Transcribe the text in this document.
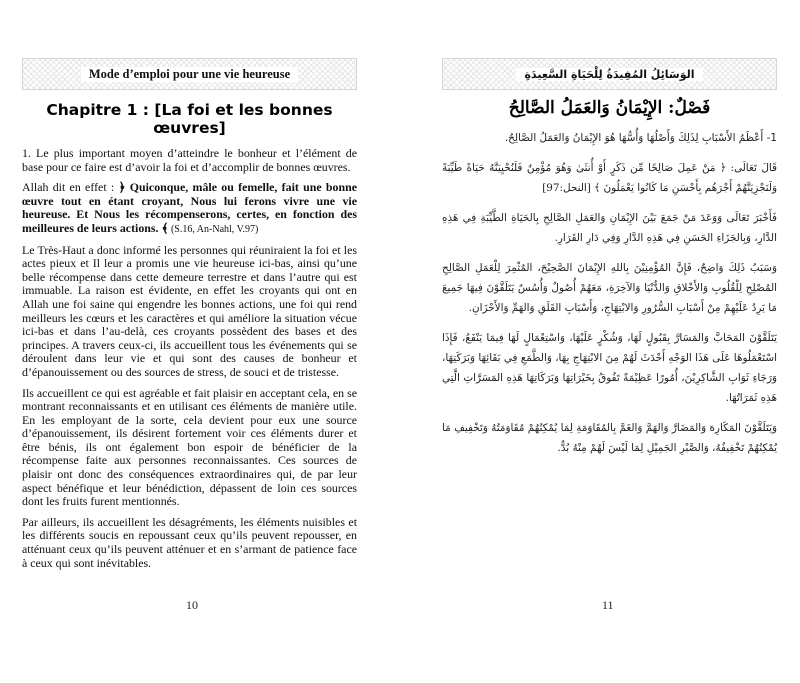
Mode d’emploi pour une vie heureuse
Chapitre 1 : [La foi et les bonnes œuvres]

1. Le plus important moyen d’atteindre le bonheur et l’élément de base pour ce faire est d’avoir la foi et d’accomplir de bonnes œuvres.

Allah dit en effet : ﴿ Quiconque, mâle ou femelle, fait une bonne œuvre tout en étant croyant, Nous lui ferons vivre une vie heureuse. Et Nous les récompenserons, certes, en fonction des meilleures de leurs actions. ﴾ (S.16, An-Nahl, V.97)

Le Très-Haut a donc informé les personnes qui réuniraient la foi et les actes pieux et Il leur a promis une vie heureuse ici-bas, ainsi qu’une belle récompense dans cette demeure terrestre et dans l’autre qui est immuable. La raison est évidente, en effet les croyants qui ont en Allah une foi saine qui engendre les bonnes actions, une foi qui rend meilleurs les cœurs et les caractères et qui améliore la situation vécue ici-bas et dans l’au-delà, ces croyants possèdent des bases et des principes. A travers ceux-ci, ils accueillent tous les événements qui se déroulent dans leur vie et qui sont des causes de bonheur et d’épanouissement ou des sources de stress, de souci et de tristesse.

Ils accueillent ce qui est agréable et fait plaisir en acceptant cela, en se montrant reconnaissants et en utilisant ces éléments de manière utile. En les employant de la sorte, cela devient pour eux une source d’épanouissement, ils désirent fortement voir ces éléments durer et être bénis, ils ont également bon espoir de bénéficier de la récompense faite aux personnes reconnaissantes. Ces sources de plaisir ont donc des conséquences extraordinaires qui, de par leur aspect bénéfique et leur bénédiction, dépassent de loin ces sources dont les fruits furent mentionnés.

Par ailleurs, ils accueillent les désagréments, les éléments nuisibles et les différents soucis en repoussant ceux qu’ils peuvent repousser, en atténuant ceux qu’ils peuvent atténuer et en s’armant de patience face à ceux qui sont inévitables.

الوَسَائِلُ المُفِيدَةُ لِلْحَيَاةِ السَّعِيدَةِ
فَصْلٌ: الإِيْمَانُ وَالعَمَلُ الصَّالِحُ

1- أَعْظَمُ الأَسْبَابِ لِذَلِكَ وَأَصْلُهَا وَأُسُّهَا هُوَ الإِيْمَانُ وَالعَمَلُ الصَّالِحُ.

قَالَ تَعَالَى: ﴿ مَنْ عَمِلَ صَالِحًا مِّن ذَكَرٍ أَوْ أُنثَىٰ وَهُوَ مُؤْمِنٌ فَلَنُحْيِيَنَّهُ حَيَاةً طَيِّبَةً وَلَنَجْزِيَنَّهُمْ أَجْرَهُم بِأَحْسَنِ مَا كَانُوا يَعْمَلُونَ ﴾ [النحل:97]

فَأَخْبَرَ تَعَالَى وَوَعَدَ مَنْ جَمَعَ بَيْنَ الإِيْمَانِ وَالعَمَلِ الصَّالِحِ بِالحَيَاةِ الطَّيِّبَةِ فِي هَذِهِ الدَّارِ، وَبِالجَزَاءِ الحَسَنِ فِي هَذِهِ الدَّارِ وَفِي دَارِ القَرَارِ.

وَسَبَبُ ذَلِكَ وَاضِحٌ، فَإِنَّ المُؤْمِنِيْنَ بِاللهِ الإِيْمَانَ الصَّحِيْحَ، المُثْمِرَ لِلْعَمَلِ الصَّالِحِ المُصْلِحِ لِلْقُلُوبِ وَالأَخْلاقِ وَالدُّنْيَا وَالآخِرَةِ، مَعَهُمْ أُصُولٌ وَأُسُسٌ يَتَلَقَّوْنَ فِيهَا جَمِيعَ مَا يَرِدُ عَلَيْهِمْ مِنْ أَسْبَابِ السُّرُورِ وَالابْتِهَاجِ، وَأَسْبَابِ القَلَقِ وَالهَمِّ وَالأَحْزَانِ.

يَتَلَقَّوْنَ المَحَابَّ وَالمَسَارَّ بِقَبُولٍ لَهَا، وَشُكْرٍ عَلَيْهَا، وَاسْتِعْمَالٍ لَهَا فِيمَا يَنْفَعُ، فَإِذَا اسْتَعْمَلُوهَا عَلَى هَذَا الوَجْهِ أَحْدَثَ لَهُمْ مِنَ الابْتِهَاجِ بِهَا، وَالطَّمَعِ فِي بَقَائِهَا وَبَرَكَتِهَا، وَرَجَاءِ ثَوَابِ الشَّاكِرِيْنَ، أُمُورًا عَظِيْمَةً تَفُوقُ بِخَيْرَاتِهَا وَبَرَكَاتِهَا هَذِهِ المَسَرَّاتِ الَّتِي هَذِهِ ثَمَرَاتُهَا.

وَيَتَلَقَّوْنَ المَكَارِهَ وَالمَضَارَّ وَالهَمَّ وَالغَمَّ بِالمُقَاوَمَةِ لِمَا يُمْكِنُهُمْ مُقَاوَمَتُهُ وَتَخْفِيفِ مَا يُمْكِنُهُمْ تَخْفِيفُهُ، وَالصَّبْرِ الجَمِيْلِ لِمَا لَيْسَ لَهُمْ مِنْهُ بُدٌّ.

10	11
